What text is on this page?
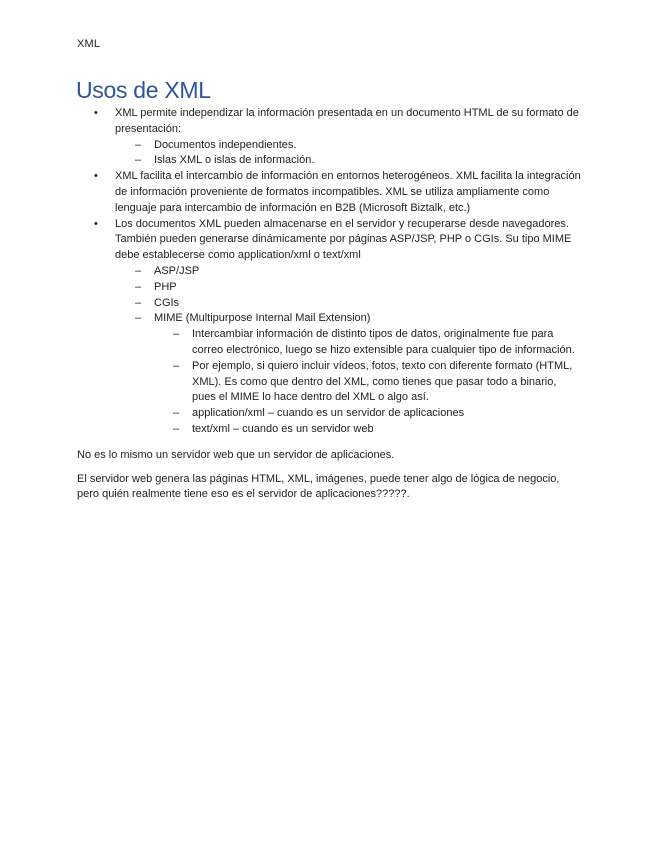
XML
Usos de XML
• XML permite independizar la información presentada en un documento HTML de su formato de presentación:
– Documentos independientes.
– Islas XML o islas de información.
• XML facilita el intercambio de información en entornos heterogéneos. XML facilita la integración de información proveniente de formatos incompatibles. XML se utiliza ampliamente como lenguaje para intercambio de información en B2B (Microsoft Biztalk, etc.)
• Los documentos XML pueden almacenarse en el servidor y recuperarse desde navegadores. También pueden generarse dinámicamente por páginas ASP/JSP, PHP o CGIs. Su tipo MIME debe establecerse como application/xml o text/xml
– ASP/JSP
– PHP
– CGIs
– MIME (Multipurpose Internal Mail Extension)
– Intercambiar información de distinto tipos de datos, originalmente fue para correo electrónico, luego se hizo extensible para cualquier tipo de información.
– Por ejemplo, si quiero incluir vídeos, fotos, texto con diferente formato (HTML, XML). Es como que dentro del XML, como tienes que pasar todo a binario, pues el MIME lo hace dentro del XML o algo así.
– application/xml – cuando es un servidor de aplicaciones
– text/xml – cuando es un servidor web

No es lo mismo un servidor web que un servidor de aplicaciones.

El servidor web genera las páginas HTML, XML, imágenes, puede tener algo de lógica de negocio, pero quién realmente tiene eso es el servidor de aplicaciones?????.
